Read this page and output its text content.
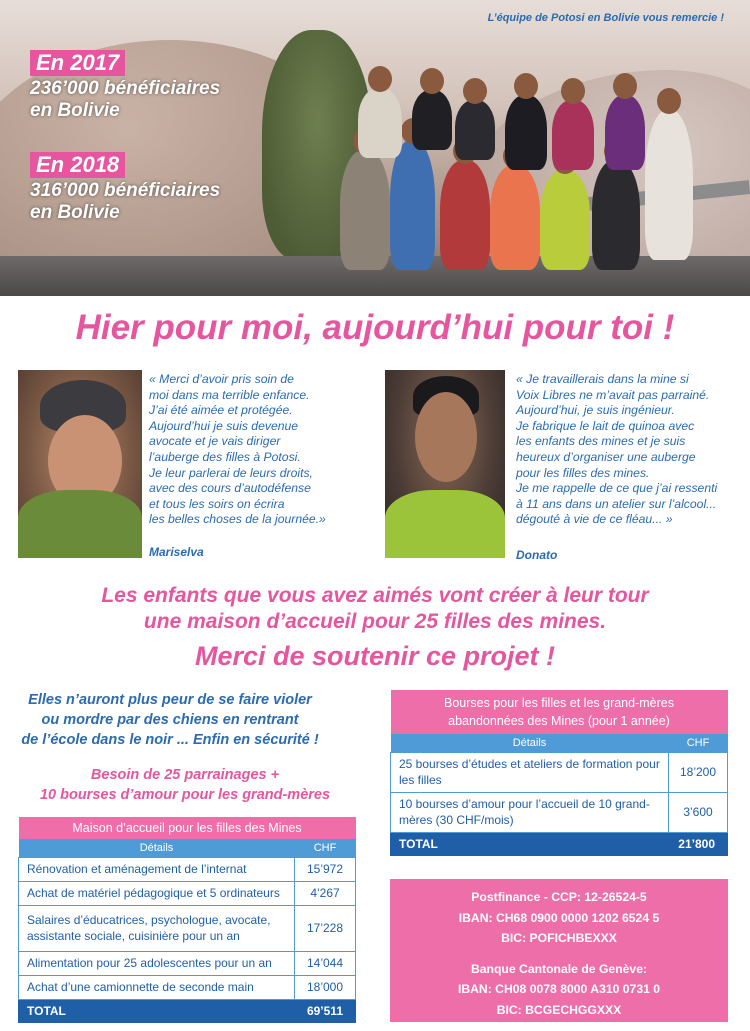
L’équipe de Potosi en Bolivie vous remercie !
En 2017
236’000 bénéficiaires
en Bolivie
En 2018
316’000 bénéficiaires
en Bolivie
Hier pour moi, aujourd’hui pour toi !
« Merci d’avoir pris soin de
moi dans ma terrible enfance.
J’ai été aimée et protégée.
Aujourd’hui je suis devenue
avocate et je vais diriger
l’auberge des filles à Potosi.
Je leur parlerai de leurs droits,
avec des cours d’autodéfense
et tous les soirs on écrira
les belles choses de la journée.»
Mariselva
« Je travaillerais dans la mine si
Voix Libres ne m’avait pas parrainé.
Aujourd’hui, je suis ingénieur.
Je fabrique le lait de quinoa avec
les enfants des mines et je suis
heureux d’organiser une auberge
pour les filles des mines.
Je me rappelle de ce que j’ai ressenti
à 11 ans dans un atelier sur l’alcool...
dégouté à vie de ce fléau... »
Donato
Les enfants que vous avez aimés vont créer à leur tour
une maison d’accueil pour 25 filles des mines.
Merci de soutenir ce projet !
Elles n’auront plus peur de se faire violer
ou mordre par des chiens en rentrant
de l’école dans le noir ... Enfin en sécurité !
Besoin de 25 parrainages +
10 bourses d’amour pour les grand-mères
Maison d’accueil pour les filles des Mines	
Détails	CHF
Rénovation et aménagement de l’internat	15’972
Achat de matériel pédagogique et 5 ordinateurs	4’267
Salaires d’éducatrices, psychologue, avocate, assistante sociale, cuisinière pour un an	17’228
Alimentation pour 25 adolescentes pour un an	14’044
Achat d’une camionnette de seconde main	18’000
TOTAL	69’511
Bourses pour les filles et les grand-mères abandonnées des Mines (pour 1 année)	
Détails	CHF
25 bourses d’études et ateliers de formation pour les filles	18’200
10 bourses d’amour pour l’accueil de 10 grand-mères (30 CHF/mois)	3’600
TOTAL	21’800
Postfinance - CCP: 12-26524-5
IBAN: CH68 0900 0000 1202 6524 5
BIC: POFICHBEXXX
Banque Cantonale de Genève:
IBAN: CH08 0078 8000 A310 0731 0
BIC: BCGECHGGXXX
